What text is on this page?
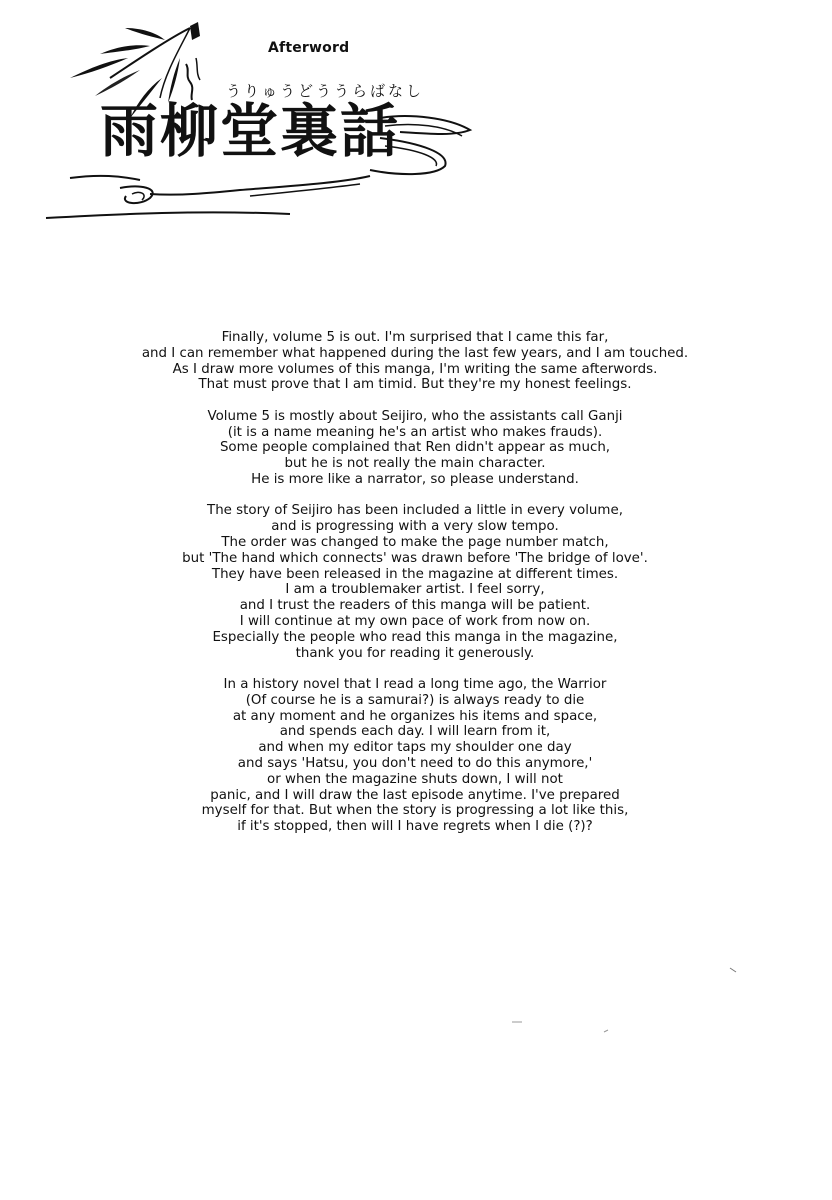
Afterword
うりゅうどううらばなし
雨柳堂裏話

Finally, volume 5 is out. I'm surprised that I came this far,
and I can remember what happened during the last few years, and I am touched.
As I draw more volumes of this manga, I'm writing the same afterwords.
That must prove that I am timid. But they're my honest feelings.

Volume 5 is mostly about Seijiro, who the assistants call Ganji
(it is a name meaning he's an artist who makes frauds).
Some people complained that Ren didn't appear as much,
but he is not really the main character.
He is more like a narrator, so please understand.

The story of Seijiro has been included a little in every volume,
and is progressing with a very slow tempo.
The order was changed to make the page number match,
but 'The hand which connects' was drawn before 'The bridge of love'.
They have been released in the magazine at different times.
I am a troublemaker artist. I feel sorry,
and I trust the readers of this manga will be patient.
I will continue at my own pace of work from now on.
Especially the people who read this manga in the magazine,
thank you for reading it generously.

In a history novel that I read a long time ago, the Warrior
(Of course he is a samurai?) is always ready to die
at any moment and he organizes his items and space,
and spends each day. I will learn from it,
and when my editor taps my shoulder one day
and says 'Hatsu, you don't need to do this anymore,'
or when the magazine shuts down, I will not
panic, and I will draw the last episode anytime. I've prepared
myself for that. But when the story is progressing a lot like this,
if it's stopped, then will I have regrets when I die (?)?
